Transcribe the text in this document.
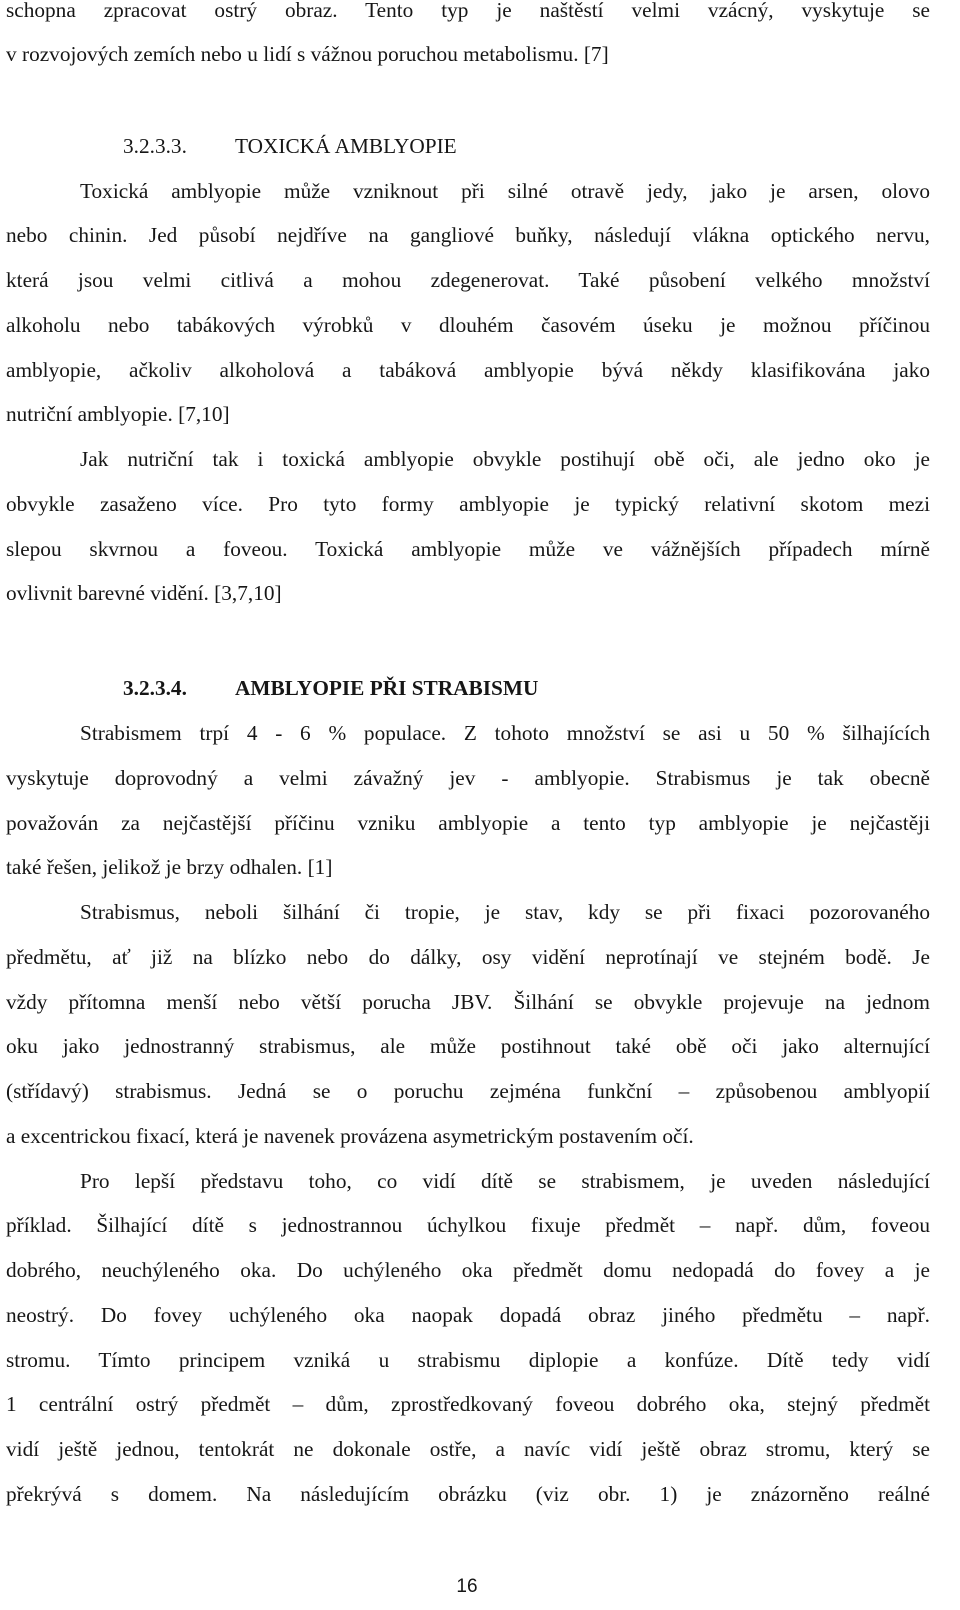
schopna zpracovat ostrý obraz. Tento typ je naštěstí velmi vzácný, vyskytuje se
v rozvojových zemích nebo u lidí s vážnou poruchou metabolismu. [7]
3.2.3.3. TOXICKÁ AMBLYOPIE
Toxická amblyopie může vzniknout při silné otravě jedy, jako je arsen, olovo
nebo chinin. Jed působí nejdříve na gangliové buňky, následují vlákna optického nervu,
která jsou velmi citlivá a mohou zdegenerovat. Také působení velkého množství
alkoholu nebo tabákových výrobků v dlouhém časovém úseku je možnou příčinou
amblyopie, ačkoliv alkoholová a tabáková amblyopie bývá někdy klasifikována jako
nutriční amblyopie. [7,10]
Jak nutriční tak i toxická amblyopie obvykle postihují obě oči, ale jedno oko je
obvykle zasaženo více. Pro tyto formy amblyopie je typický relativní skotom mezi
slepou skvrnou a foveou. Toxická amblyopie může ve vážnějších případech mírně
ovlivnit barevné vidění. [3,7,10]
3.2.3.4. AMBLYOPIE PŘI STRABISMU
Strabismem trpí 4 - 6 % populace. Z tohoto množství se asi u 50 % šilhajících
vyskytuje doprovodný a velmi závažný jev - amblyopie. Strabismus je tak obecně
považován za nejčastější příčinu vzniku amblyopie a tento typ amblyopie je nejčastěji
také řešen, jelikož je brzy odhalen. [1]
Strabismus, neboli šilhání či tropie, je stav, kdy se při fixaci pozorovaného
předmětu, ať již na blízko nebo do dálky, osy vidění neprotínají ve stejném bodě. Je
vždy přítomna menší nebo větší porucha JBV. Šilhání se obvykle projevuje na jednom
oku jako jednostranný strabismus, ale může postihnout také obě oči jako alternující
(střídavý) strabismus. Jedná se o poruchu zejména funkční – způsobenou amblyopií
a excentrickou fixací, která je navenek provázena asymetrickým postavením očí.
Pro lepší představu toho, co vidí dítě se strabismem, je uveden následující
příklad. Šilhající dítě s jednostrannou úchylkou fixuje předmět – např. dům, foveou
dobrého, neuchýleného oka. Do uchýleného oka předmět domu nedopadá do fovey a je
neostrý. Do fovey uchýleného oka naopak dopadá obraz jiného předmětu – např.
stromu. Tímto principem vzniká u strabismu diplopie a konfúze. Dítě tedy vidí
1 centrální ostrý předmět – dům, zprostředkovaný foveou dobrého oka, stejný předmět
vidí ještě jednou, tentokrát ne dokonale ostře, a navíc vidí ještě obraz stromu, který se
překrývá s domem. Na následujícím obrázku (viz obr. 1) je znázorněno reálné
16
